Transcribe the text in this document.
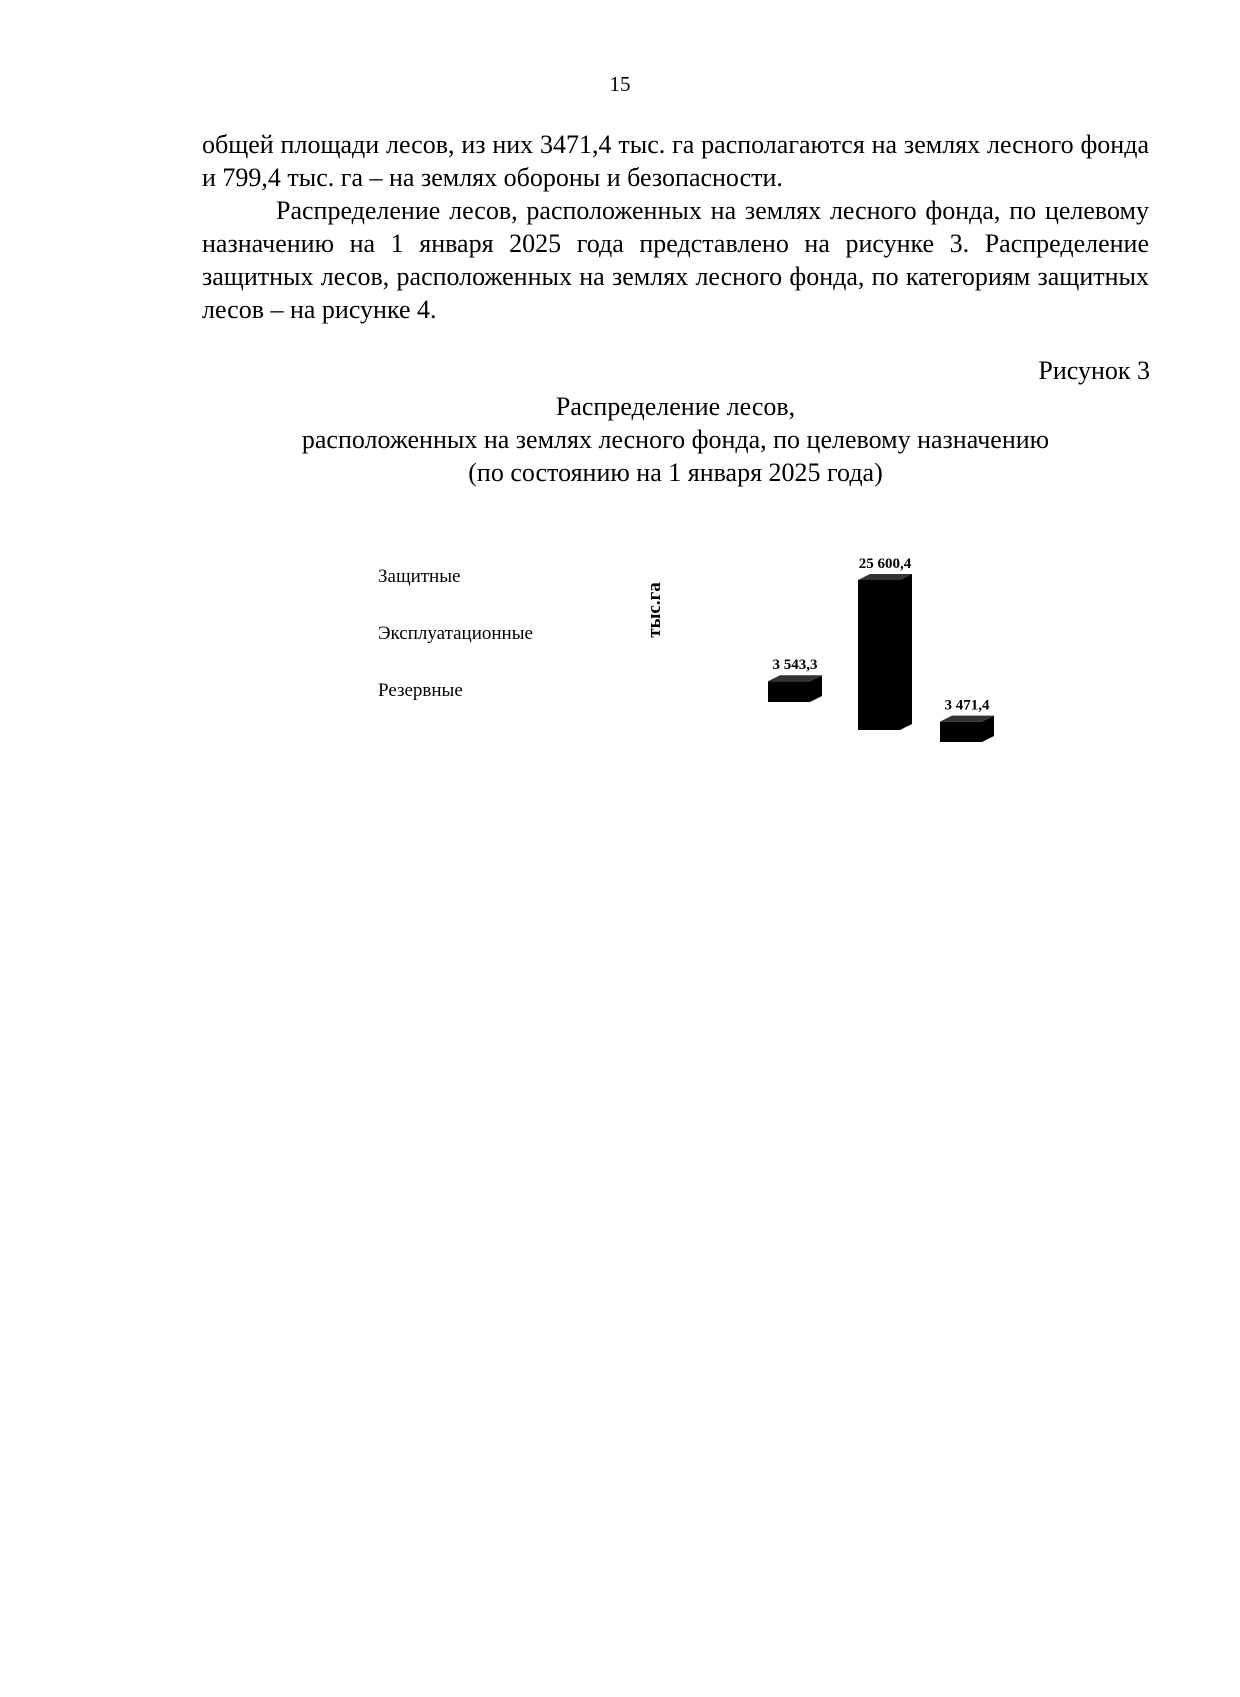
15

общей площади лесов, из них 3471,4 тыс. га располагаются на землях лесного фонда и 799,4 тыс. га – на землях обороны и безопасности.

Распределение лесов, расположенных на землях лесного фонда, по целевому назначению на 1 января 2025 года представлено на рисунке 3. Распределение защитных лесов, расположенных на землях лесного фонда, по категориям защитных лесов – на рисунке 4.

Рисунок 3
Распределение лесов,
расположенных на землях лесного фонда, по целевому назначению
(по состоянию на 1 января 2025 года)
Защитные
Эксплуатационные
Резервные
тыс.га
3 543,3
25 600,4
3 471,4
